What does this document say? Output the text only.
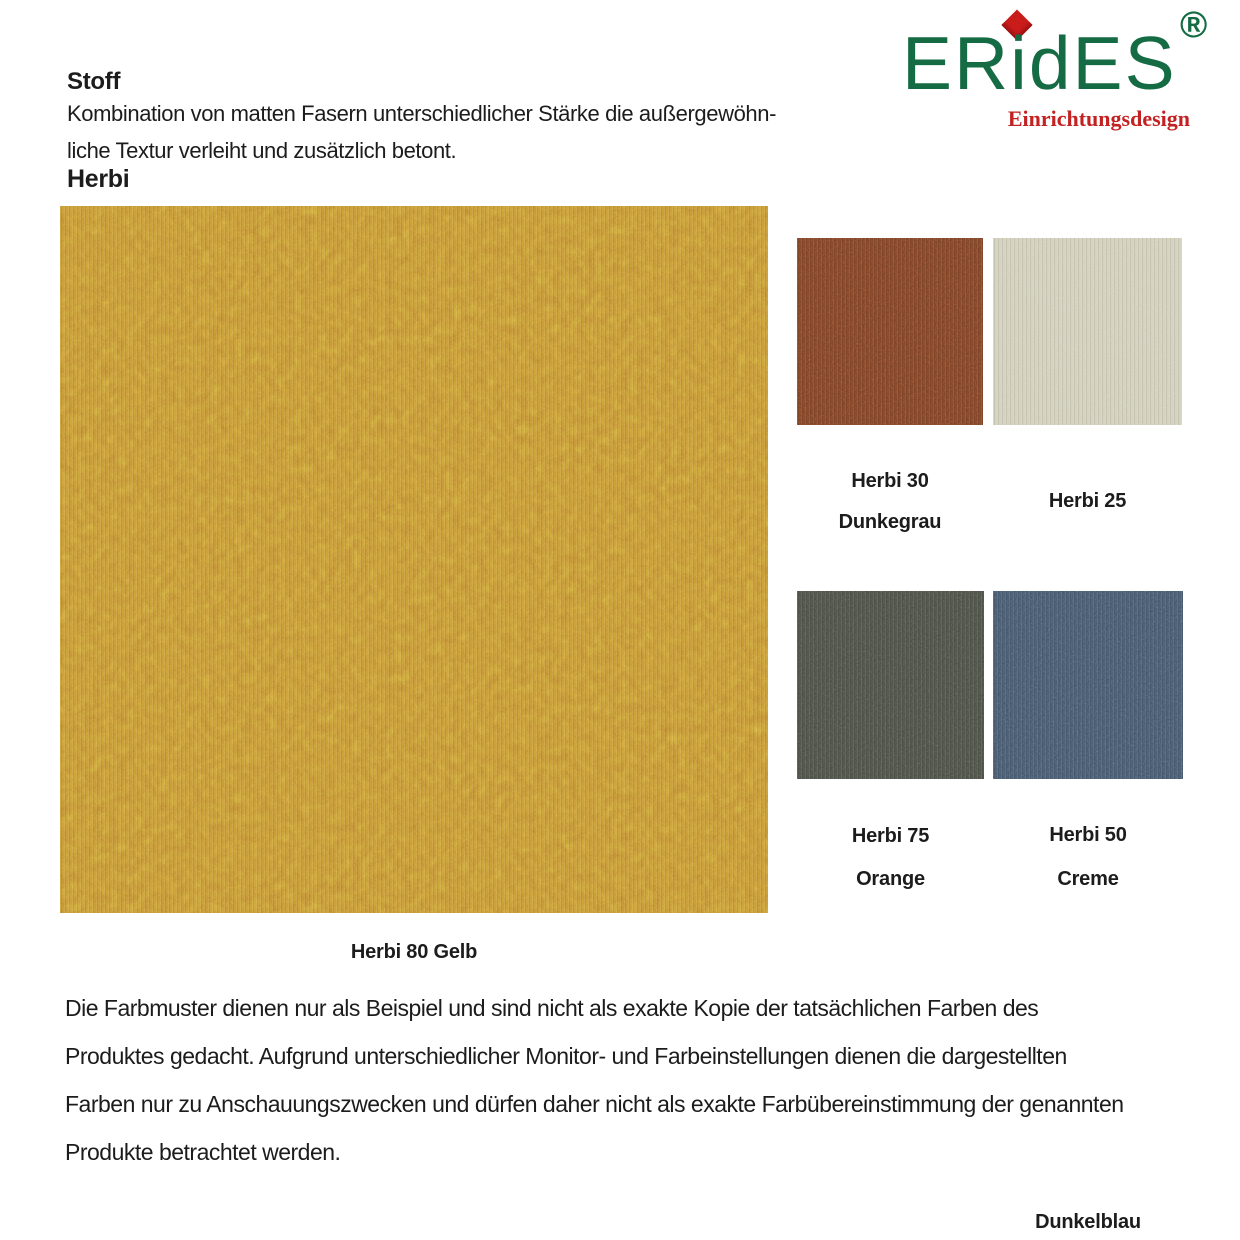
Stoff
Kombination von matten Fasern unterschiedlicher Stärke die außergewöhn-
liche Textur verleiht und zusätzlich betont.
Herbi
ERidES ®
Einrichtungsdesign
Herbi 80 Gelb
Herbi 30
Dunkegrau
Herbi 25
Herbi 75
Orange
Herbi 50
Creme
Die Farbmuster dienen nur als Beispiel und sind nicht als exakte Kopie der tatsächlichen Farben des
Produktes gedacht. Aufgrund unterschiedlicher Monitor- und Farbeinstellungen dienen die dargestellten
Farben nur zu Anschauungszwecken und dürfen daher nicht als exakte Farbübereinstimmung der genannten
Produkte betrachtet werden.
Dunkelblau
